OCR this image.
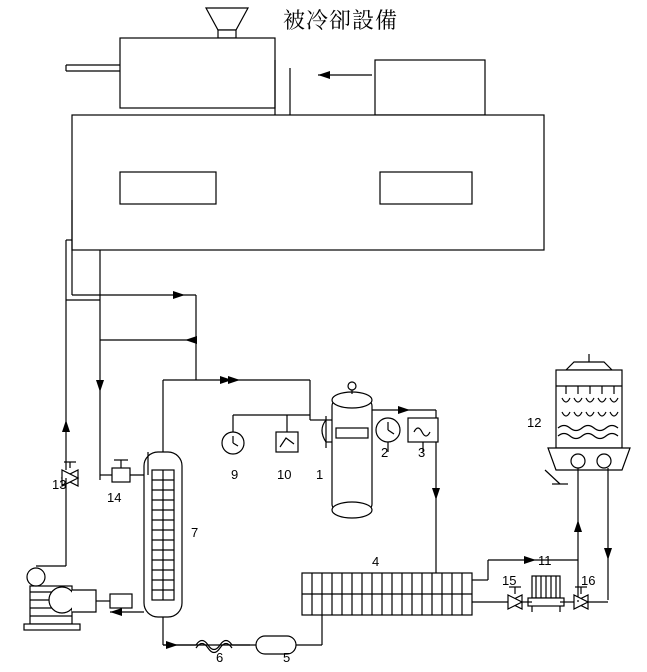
被冷卻設備
1
2 3
4
5
6
7
9	10
11
12
13
14
15	16
